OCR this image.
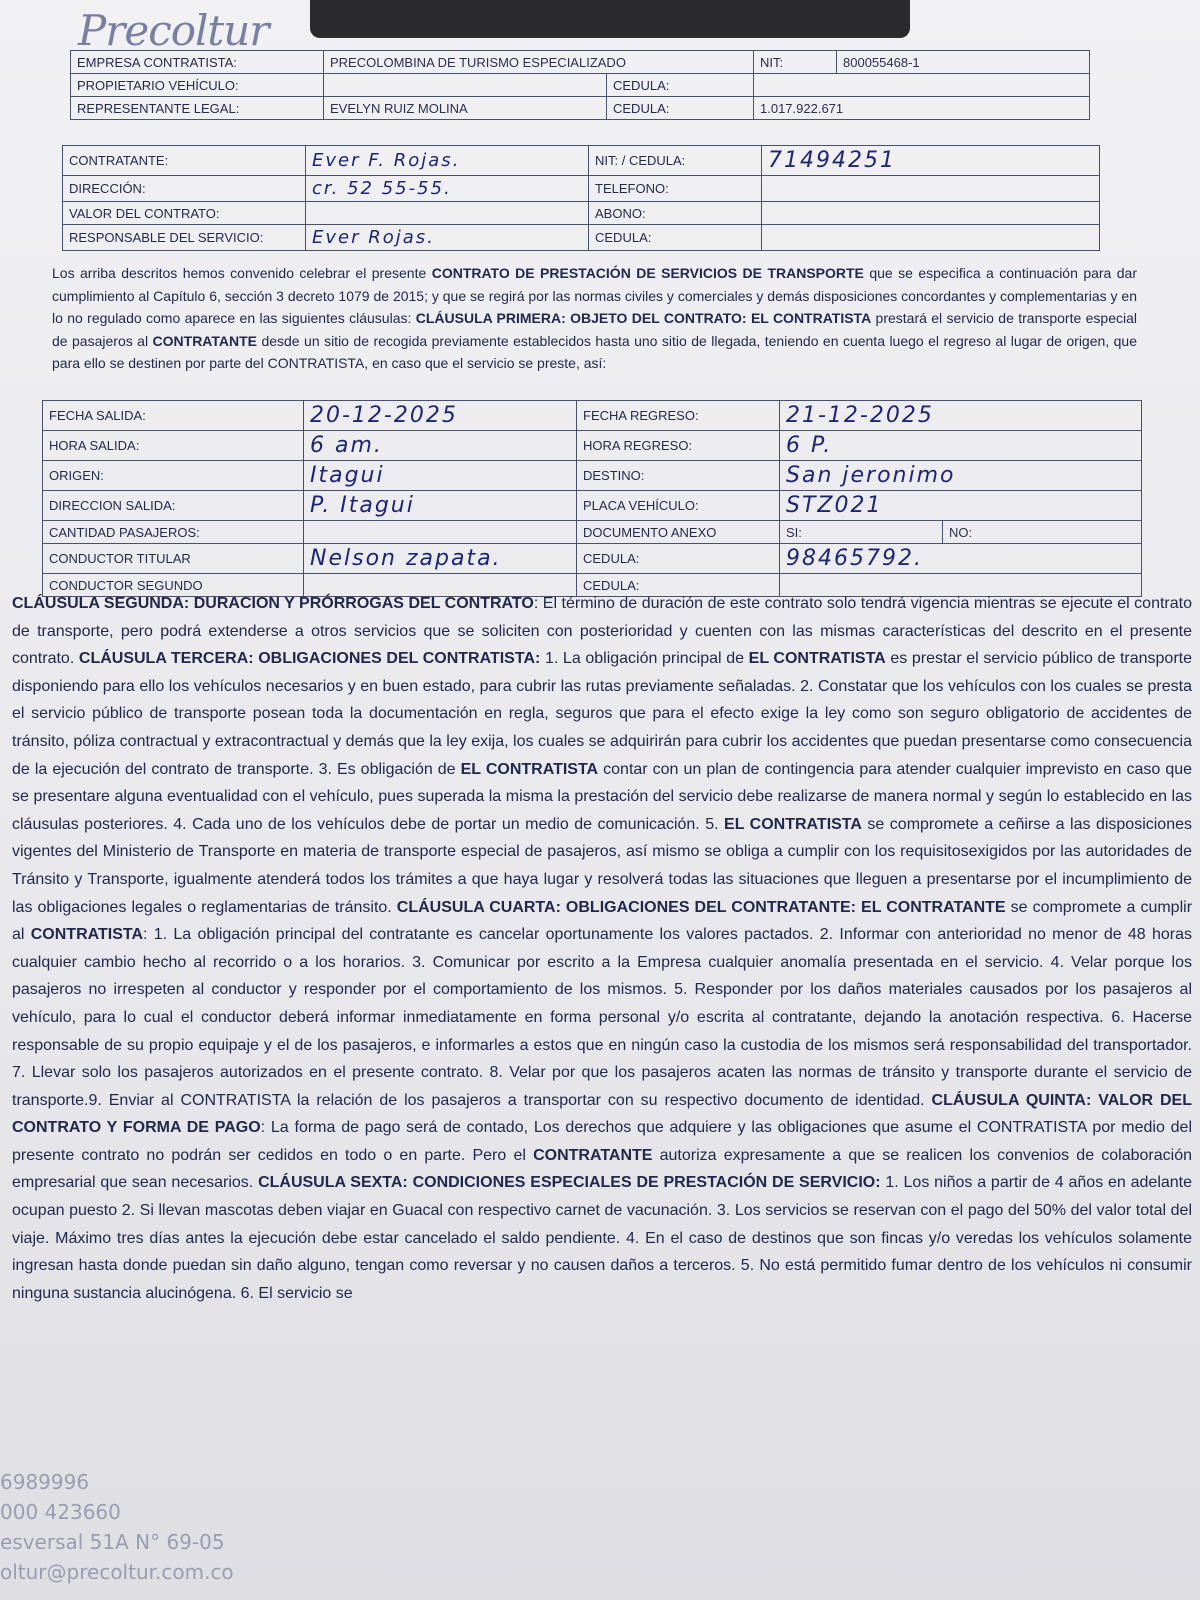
Precoltur
EMPRESA CONTRATISTA:	PRECOLOMBINA DE TURISMO ESPECIALIZADO		NIT:	800055468-1
PROPIETARIO VEHÍCULO:		CEDULA:		
REPRESENTANTE LEGAL:	EVELYN RUIZ MOLINA	CEDULA:	1.017.922.671	
CONTRATANTE:	Ever F. Rojas.	NIT: / CEDULA:	71494251
DIRECCIÓN:	cr. 52 55-55.	TELEFONO:	
VALOR DEL CONTRATO:		ABONO:	
RESPONSABLE DEL SERVICIO:	Ever Rojas.	CEDULA:	
Los arriba descritos hemos convenido celebrar el presente CONTRATO DE PRESTACIÓN DE SERVICIOS DE TRANSPORTE que se especifica a continuación para dar cumplimiento al Capítulo 6, sección 3 decreto 1079 de 2015; y que se regirá por las normas civiles y comerciales y demás disposiciones concordantes y complementarias y en lo no regulado como aparece en las siguientes cláusulas: CLÁUSULA PRIMERA: OBJETO DEL CONTRATO: EL CONTRATISTA prestará el servicio de transporte especial de pasajeros al CONTRATANTE desde un sitio de recogida previamente establecidos hasta uno sitio de llegada, teniendo en cuenta luego el regreso al lugar de origen, que para ello se destinen por parte del CONTRATISTA, en caso que el servicio se preste, así:
FECHA SALIDA:	20-12-2025	FECHA REGRESO:	21-12-2025	
HORA SALIDA:	6 am.	HORA REGRESO:	6 P.	
ORIGEN:	Itagui	DESTINO:	San jeronimo	
DIRECCION SALIDA:	P. Itagui	PLACA VEHÍCULO:	STZ021	
CANTIDAD PASAJEROS:		DOCUMENTO ANEXO	SI:	NO:
CONDUCTOR TITULAR	Nelson zapata.	CEDULA:	98465792.	
CONDUCTOR SEGUNDO		CEDULA:		
CLÁUSULA SEGUNDA: DURACION Y PRÓRROGAS DEL CONTRATO: El término de duración de este contrato solo tendrá vigencia mientras se ejecute el contrato de transporte, pero podrá extenderse a otros servicios que se soliciten con posterioridad y cuenten con las mismas características del descrito en el presente contrato. CLÁUSULA TERCERA: OBLIGACIONES DEL CONTRATISTA: 1. La obligación principal de EL CONTRATISTA es prestar el servicio público de transporte disponiendo para ello los vehículos necesarios y en buen estado, para cubrir las rutas previamente señaladas. 2. Constatar que los vehículos con los cuales se presta el servicio público de transporte posean toda la documentación en regla, seguros que para el efecto exige la ley como son seguro obligatorio de accidentes de tránsito, póliza contractual y extracontractual y demás que la ley exija, los cuales se adquirirán para cubrir los accidentes que puedan presentarse como consecuencia de la ejecución del contrato de transporte. 3. Es obligación de EL CONTRATISTA contar con un plan de contingencia para atender cualquier imprevisto en caso que se presentare alguna eventualidad con el vehículo, pues superada la misma la prestación del servicio debe realizarse de manera normal y según lo establecido en las cláusulas posteriores. 4. Cada uno de los vehículos debe de portar un medio de comunicación. 5. EL CONTRATISTA se compromete a ceñirse a las disposiciones vigentes del Ministerio de Transporte en materia de transporte especial de pasajeros, así mismo se obliga a cumplir con los requisitosexigidos por las autoridades de Tránsito y Transporte, igualmente atenderá todos los trámites a que haya lugar y resolverá todas las situaciones que lleguen a presentarse por el incumplimiento de las obligaciones legales o reglamentarias de tránsito. CLÁUSULA CUARTA: OBLIGACIONES DEL CONTRATANTE: EL CONTRATANTE se compromete a cumplir al CONTRATISTA: 1. La obligación principal del contratante es cancelar oportunamente los valores pactados. 2. Informar con anterioridad no menor de 48 horas cualquier cambio hecho al recorrido o a los horarios. 3. Comunicar por escrito a la Empresa cualquier anomalía presentada en el servicio. 4. Velar porque los pasajeros no irrespeten al conductor y responder por el comportamiento de los mismos. 5. Responder por los daños materiales causados por los pasajeros al vehículo, para lo cual el conductor deberá informar inmediatamente en forma personal y/o escrita al contratante, dejando la anotación respectiva. 6. Hacerse responsable de su propio equipaje y el de los pasajeros, e informarles a estos que en ningún caso la custodia de los mismos será responsabilidad del transportador. 7. Llevar solo los pasajeros autorizados en el presente contrato. 8. Velar por que los pasajeros acaten las normas de tránsito y transporte durante el servicio de transporte.9. Enviar al CONTRATISTA la relación de los pasajeros a transportar con su respectivo documento de identidad. CLÁUSULA QUINTA: VALOR DEL CONTRATO Y FORMA DE PAGO: La forma de pago será de contado, Los derechos que adquiere y las obligaciones que asume el CONTRATISTA por medio del presente contrato no podrán ser cedidos en todo o en parte. Pero el CONTRATANTE autoriza expresamente a que se realicen los convenios de colaboración empresarial que sean necesarios. CLÁUSULA SEXTA: CONDICIONES ESPECIALES DE PRESTACIÓN DE SERVICIO: 1. Los niños a partir de 4 años en adelante ocupan puesto 2. Si llevan mascotas deben viajar en Guacal con respectivo carnet de vacunación. 3. Los servicios se reservan con el pago del 50% del valor total del viaje. Máximo tres días antes la ejecución debe estar cancelado el saldo pendiente. 4. En el caso de destinos que son fincas y/o veredas los vehículos solamente ingresan hasta donde puedan sin daño alguno, tengan como reversar y no causen daños a terceros. 5. No está permitido fumar dentro de los vehículos ni consumir ninguna sustancia alucinógena. 6. El servicio se
6989996
000 423660
esversal 51A N° 69-05
oltur@precoltur.com.co
